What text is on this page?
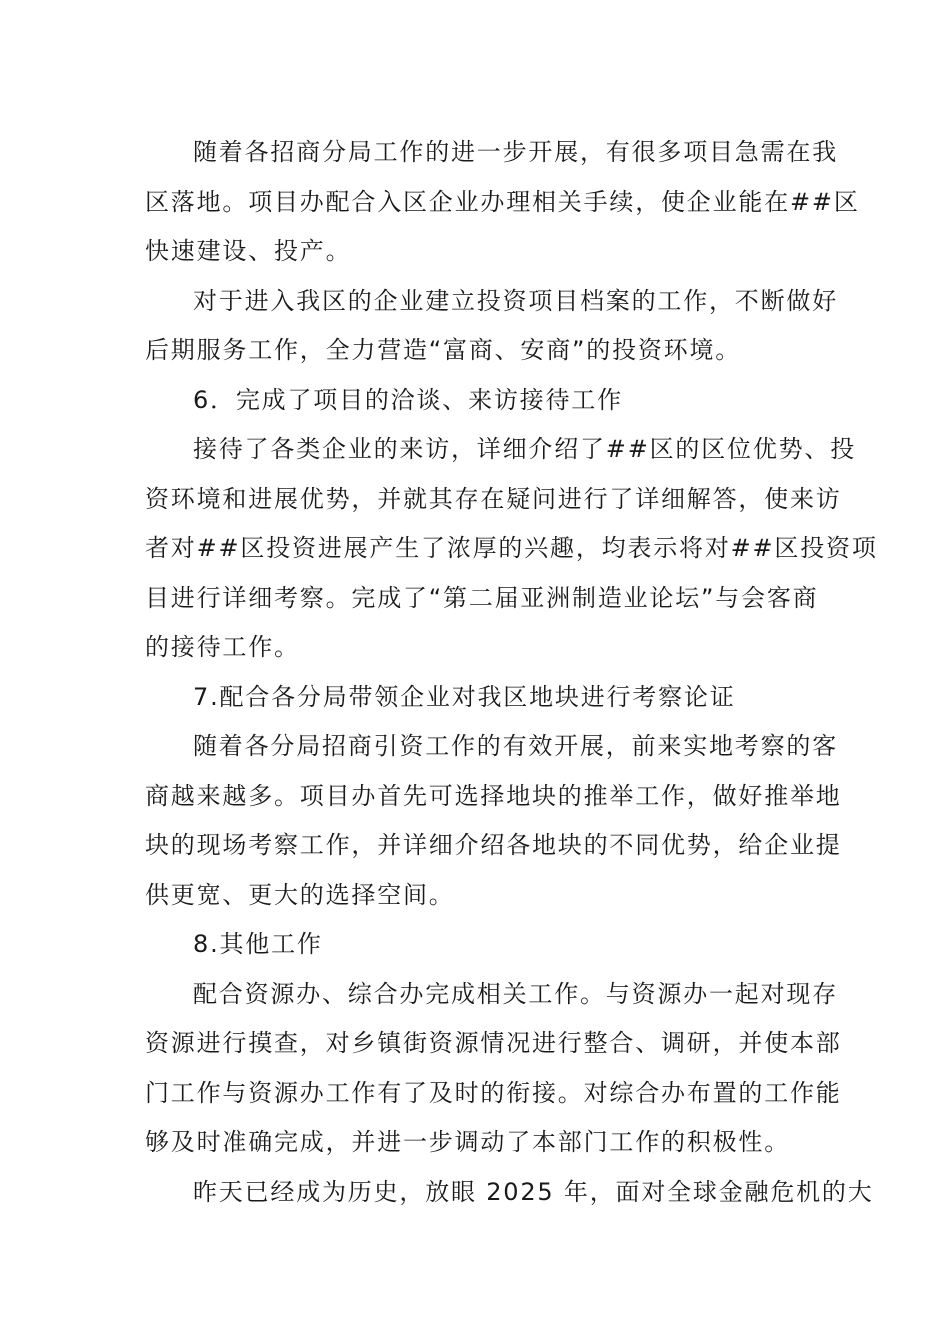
随着各招商分局工作的进一步开展，有很多项目急需在我
区落地。项目办配合入区企业办理相关手续，使企业能在##区
快速建设、投产。
对于进入我区的企业建立投资项目档案的工作，不断做好
后期服务工作，全力营造“富商、安商”的投资环境。
6．完成了项目的洽谈、来访接待工作
接待了各类企业的来访，详细介绍了##区的区位优势、投
资环境和进展优势，并就其存在疑问进行了详细解答，使来访
者对##区投资进展产生了浓厚的兴趣，均表示将对##区投资项
目进行详细考察。完成了“第二届亚洲制造业论坛”与会客商
的接待工作。
7.配合各分局带领企业对我区地块进行考察论证
随着各分局招商引资工作的有效开展，前来实地考察的客
商越来越多。项目办首先可选择地块的推举工作，做好推举地
块的现场考察工作，并详细介绍各地块的不同优势，给企业提
供更宽、更大的选择空间。
8.其他工作
配合资源办、综合办完成相关工作。与资源办一起对现存
资源进行摸查，对乡镇街资源情况进行整合、调研，并使本部
门工作与资源办工作有了及时的衔接。对综合办布置的工作能
够及时准确完成，并进一步调动了本部门工作的积极性。
昨天已经成为历史，放眼 2025 年，面对全球金融危机的大
